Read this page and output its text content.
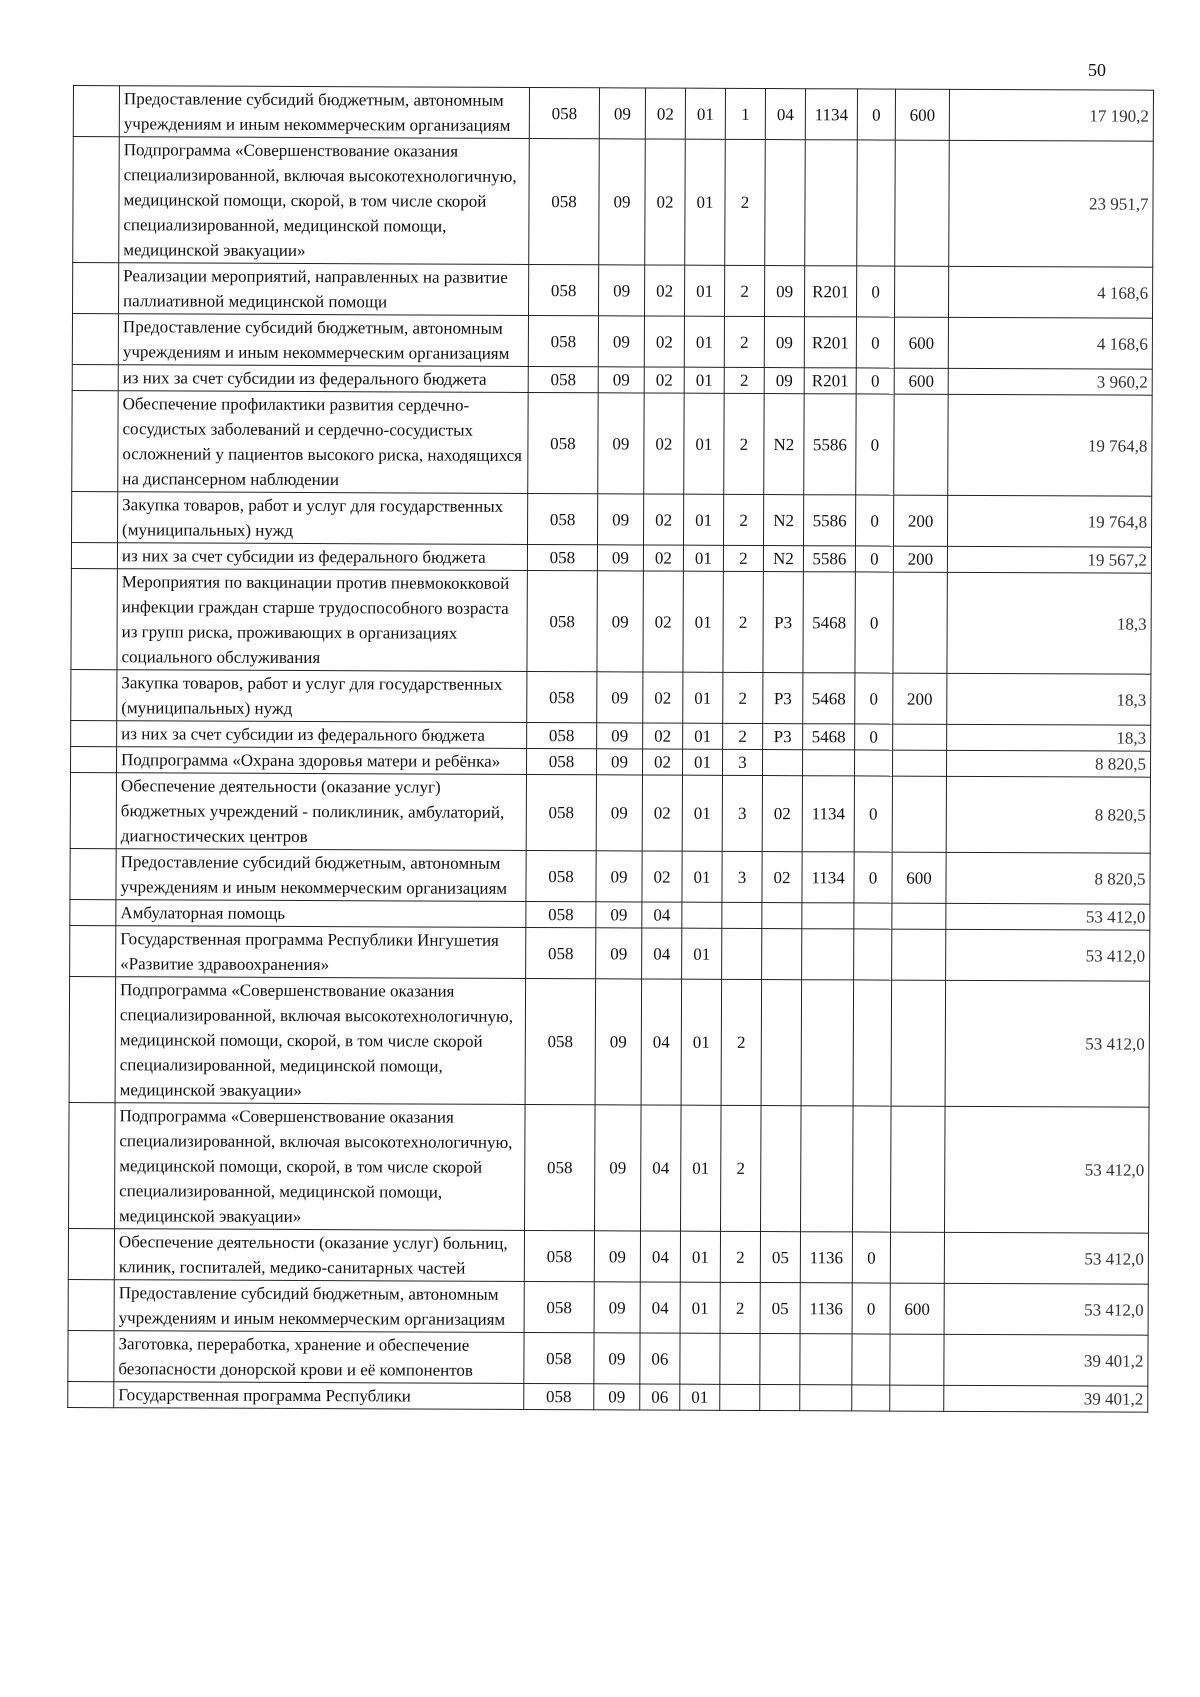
50
	Предоставление субсидий бюджетным, автономным учреждениям и иным некоммерческим организациям	058	09	02	01	1	04	1134	0	600	17 190,2
	Подпрограмма «Совершенствование оказания специализированной, включая высокотехнологичную, медицинской помощи, скорой, в том числе скорой специализированной, медицинской помощи, медицинской эвакуации»	058	09	02	01	2					23 951,7
	Реализации мероприятий, направленных на развитие паллиативной медицинской помощи	058	09	02	01	2	09	R201	0		4 168,6
	Предоставление субсидий бюджетным, автономным учреждениям и иным некоммерческим организациям	058	09	02	01	2	09	R201	0	600	4 168,6
	из них за счет субсидии из федерального бюджета	058	09	02	01	2	09	R201	0	600	3 960,2
	Обеспечение профилактики развития сердечно-сосудистых заболеваний и сердечно-сосудистых осложнений у пациентов высокого риска, находящихся на диспансерном наблюдении	058	09	02	01	2	N2	5586	0		19 764,8
	Закупка товаров, работ и услуг для государственных (муниципальных) нужд	058	09	02	01	2	N2	5586	0	200	19 764,8
	из них за счет субсидии из федерального бюджета	058	09	02	01	2	N2	5586	0	200	19 567,2
	Мероприятия по вакцинации против пневмококковой инфекции граждан старше трудоспособного возраста из групп риска, проживающих в организациях социального обслуживания	058	09	02	01	2	P3	5468	0		18,3
	Закупка товаров, работ и услуг для государственных (муниципальных) нужд	058	09	02	01	2	P3	5468	0	200	18,3
	из них за счет субсидии из федерального бюджета	058	09	02	01	2	P3	5468	0		18,3
	Подпрограмма «Охрана здоровья матери и ребёнка»	058	09	02	01	3					8 820,5
	Обеспечение деятельности (оказание услуг) бюджетных учреждений - поликлиник, амбулаторий, диагностических центров	058	09	02	01	3	02	1134	0		8 820,5
	Предоставление субсидий бюджетным, автономным учреждениям и иным некоммерческим организациям	058	09	02	01	3	02	1134	0	600	8 820,5
	Амбулаторная помощь	058	09	04							53 412,0
	Государственная программа Республики Ингушетия «Развитие здравоохранения»	058	09	04	01						53 412,0
	Подпрограмма «Совершенствование оказания специализированной, включая высокотехнологичную, медицинской помощи, скорой, в том числе скорой специализированной, медицинской помощи, медицинской эвакуации»	058	09	04	01	2					53 412,0
	Подпрограмма «Совершенствование оказания специализированной, включая высокотехнологичную, медицинской помощи, скорой, в том числе скорой специализированной, медицинской помощи, медицинской эвакуации»	058	09	04	01	2					53 412,0
	Обеспечение деятельности (оказание услуг) больниц, клиник, госпиталей, медико-санитарных частей	058	09	04	01	2	05	1136	0		53 412,0
	Предоставление субсидий бюджетным, автономным учреждениям и иным некоммерческим организациям	058	09	04	01	2	05	1136	0	600	53 412,0
	Заготовка, переработка, хранение и обеспечение безопасности донорской крови и её компонентов	058	09	06							39 401,2
	Государственная программа Республики	058	09	06	01						39 401,2
